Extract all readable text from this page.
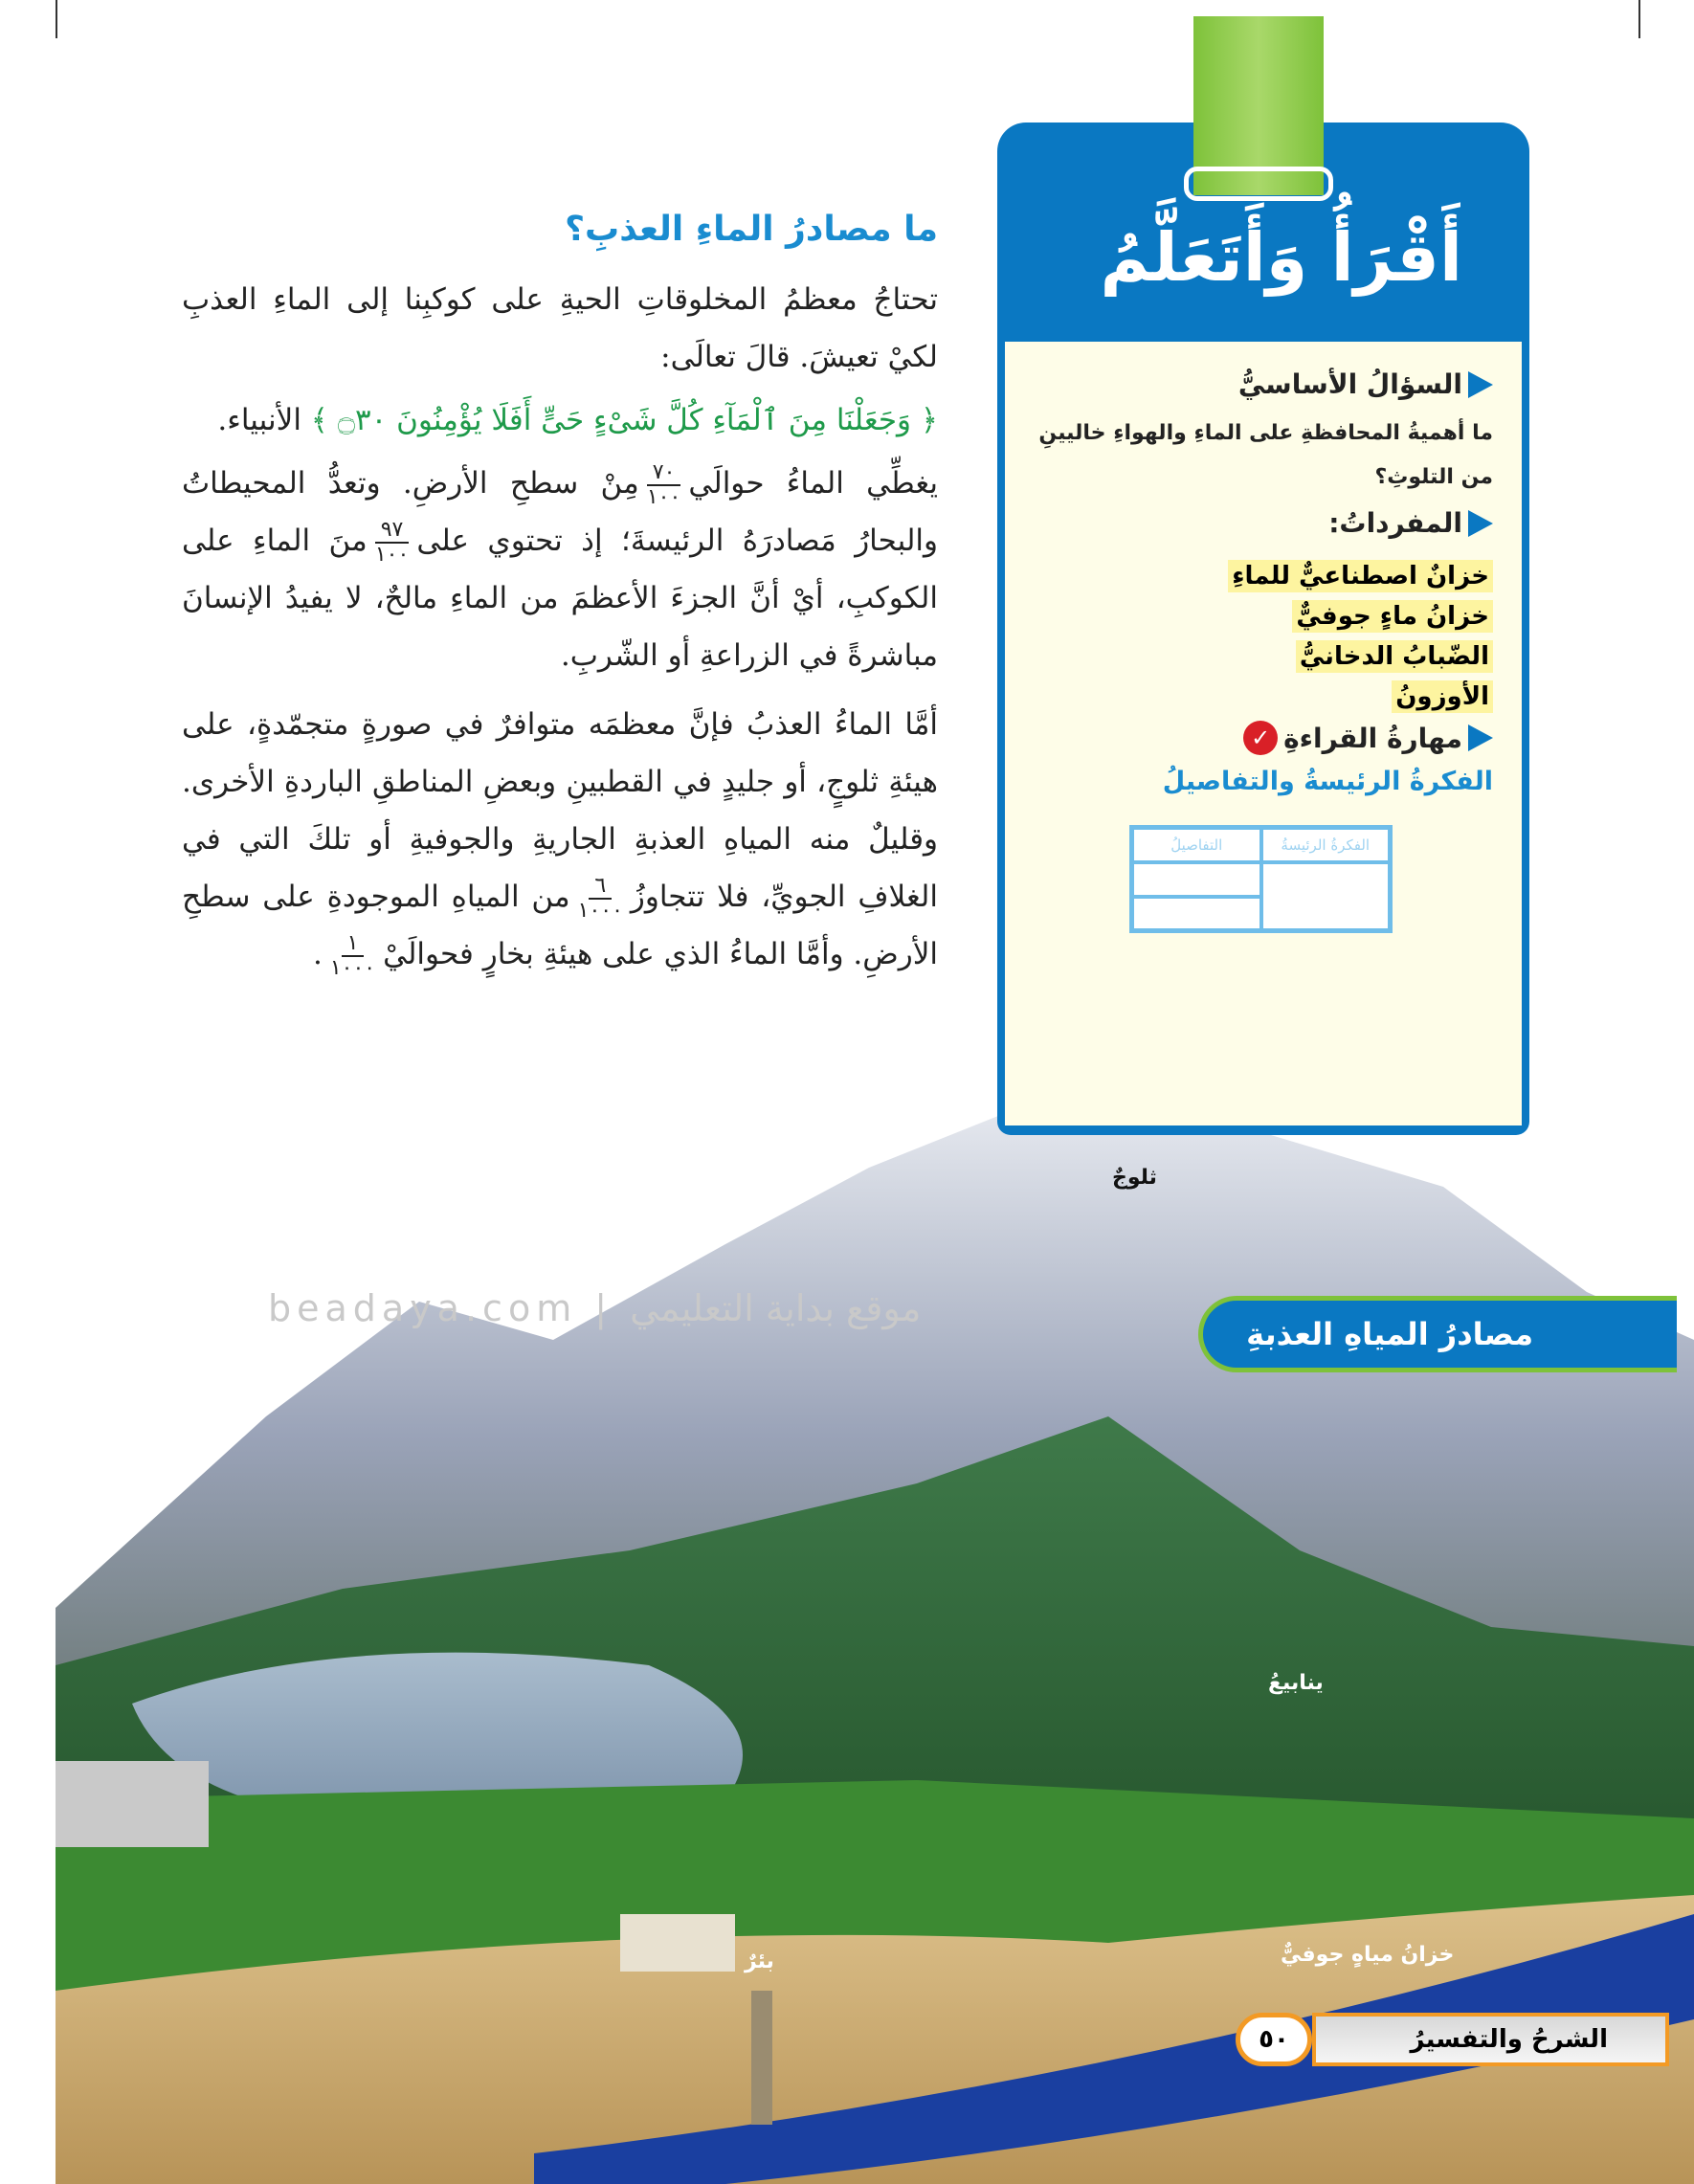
ما مصادرُ الماءِ العذبِ؟

تحتاجُ معظمُ المخلوقاتِ الحيةِ على كوكبِنا إلى الماءِ العذبِ لكيْ تعيشَ. قالَ تعالَى:

﴿ وَجَعَلْنَا مِنَ ٱلْمَآءِ كُلَّ شَىْءٍ حَىٍّ أَفَلَا يُؤْمِنُونَ ۝٣٠ ﴾ الأنبياء.

يغطِّي الماءُ حوالَي
$\frac{٧٠}{١٠٠}$
مِنْ سطحِ الأرضِ. وتعدُّ المحيطاتُ والبحارُ مَصادرَهُ الرئيسةَ؛ إذ تحتوي على
$\frac{٩٧}{١٠٠}$
منَ الماءِ على الكوكبِ، أيْ أنَّ الجزءَ الأعظمَ من الماءِ مالحٌ، لا يفيدُ الإنسانَ مباشرةً في الزراعةِ أو الشّربِ.

أمَّا الماءُ العذبُ فإنَّ معظمَه متوافرٌ في صورةٍ متجمّدةٍ، على هيئةِ ثلوجٍ، أو جليدٍ في القطبينِ وبعضِ المناطقِ الباردةِ الأخرى. وقليلٌ منه المياهِ العذبةِ الجاريةِ والجوفيةِ أو تلكَ التي في الغلافِ الجويِّ، فلا تتجاوزُ
$\frac{٦}{١٠٠٠}$
من المياهِ الموجودةِ على سطحِ الأرضِ. وأمَّا الماءُ الذي على هيئةِ بخارٍ فحوالَيْ
$\frac{١}{١٠٠٠}$
.

أَقْرَأُ وَأَتَعَلَّمُ
السؤالُ الأساسيُّ
ما أهميةُ المحافظةِ على الماءِ والهواءِ خاليينِ من التلوثِ؟
المفرداتُ:
خزانٌ اصطناعيٌّ للماءِ
خزانُ ماءٍ جوفيٌّ
الضّبابُ الدخانيُّ
الأوزونُ
مهارةُ القراءةِ
✓
الفكرةُ الرئيسةُ والتفاصيلُ
الفكرةُ الرئيسةُ	التفاصيلُ

beadaya.com | موقع بداية التعليمي
مصادرُ المياهِ العذبةِ
ثلوجٌ
ينابيعُ
خزانُ مياهٍ جوفيٌّ
بئرٌ
الشرحُ والتفسيرُ
٥٠
